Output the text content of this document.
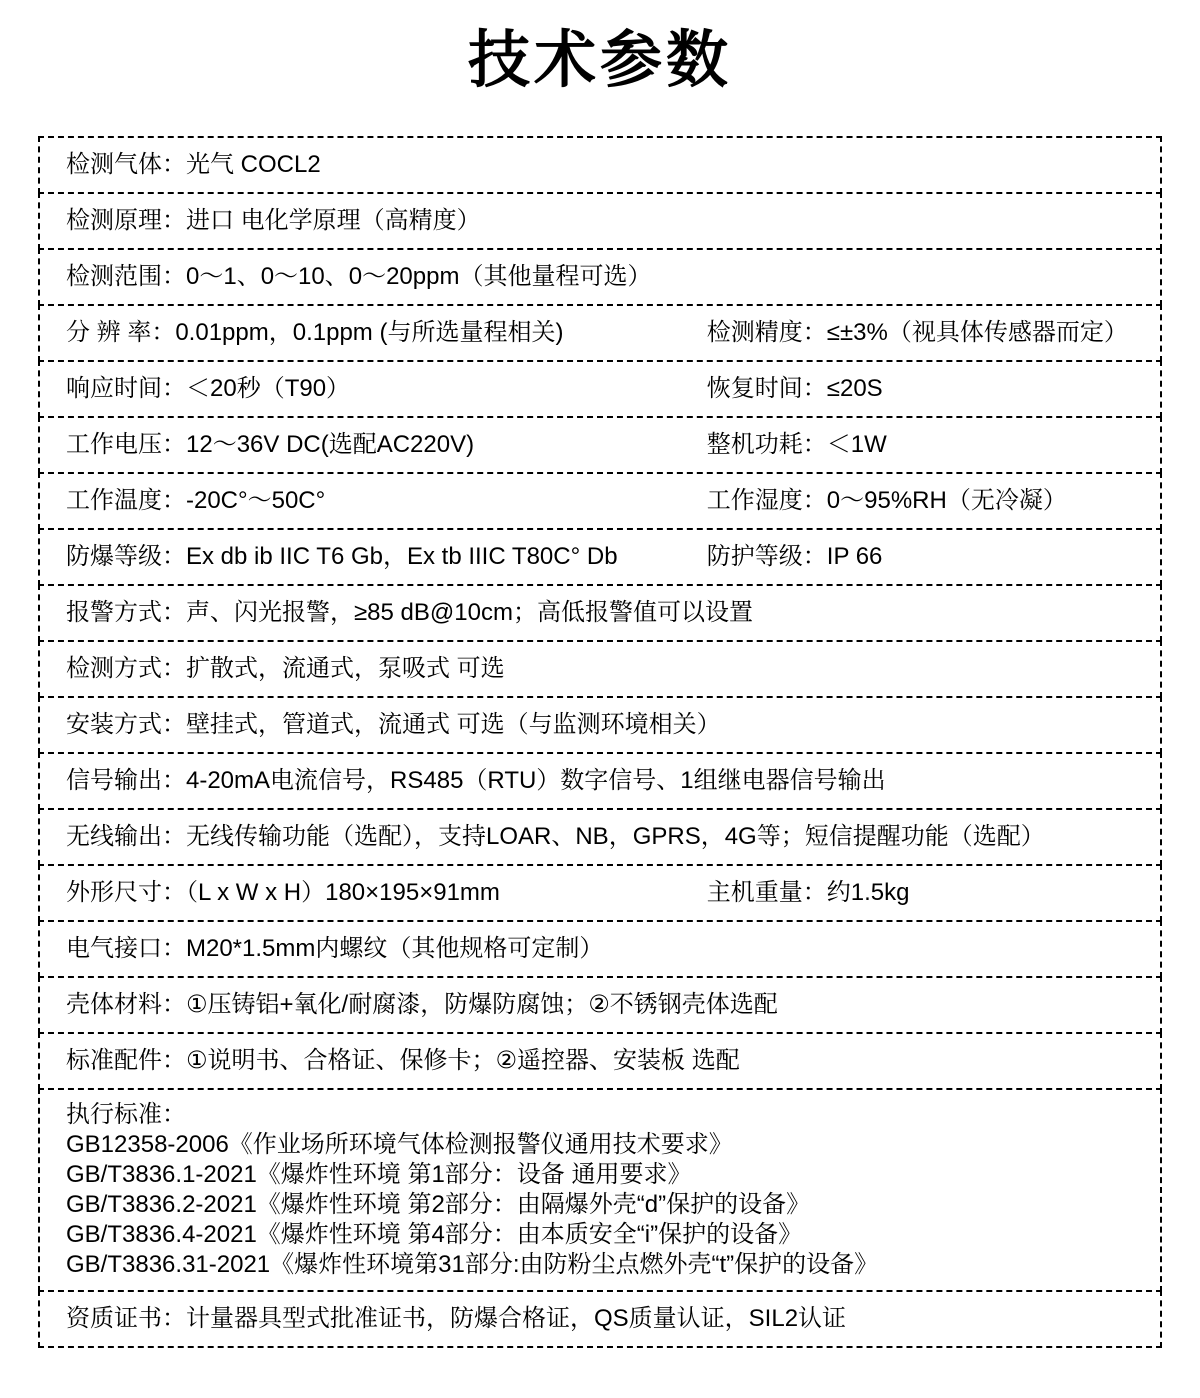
技术参数
检测气体：光气 COCL2
检测原理：进口 电化学原理（高精度）
检测范围：0～1、0～10、0～20ppm（其他量程可选）
分 辨 率：0.01ppm，0.1ppm (与所选量程相关)	检测精度：≤±3%（视具体传感器而定）
响应时间：＜20秒（T90）	恢复时间：≤20S
工作电压：12～36V DC(选配AC220V)	整机功耗：＜1W
工作温度：-20C°～50C°	工作湿度：0～95%RH（无冷凝）
防爆等级：Ex db ib IIC T6 Gb，Ex tb IIIC T80C° Db	防护等级：IP 66
报警方式：声、闪光报警，≥85 dB@10cm；高低报警值可以设置
检测方式：扩散式，流通式，泵吸式 可选
安装方式：壁挂式，管道式，流通式 可选（与监测环境相关）
信号输出：4-20mA电流信号，RS485（RTU）数字信号、1组继电器信号输出
无线输出：无线传输功能（选配），支持LOAR、NB，GPRS，4G等；短信提醒功能（选配）
外形尺寸：（L x W x H）180×195×91mm	主机重量：约1.5kg
电气接口：M20*1.5mm内螺纹（其他规格可定制）
壳体材料：①压铸铝+氧化/耐腐漆，防爆防腐蚀；②不锈钢壳体选配
标准配件：①说明书、合格证、保修卡；②遥控器、安装板 选配
执行标准：
GB12358-2006《作业场所环境气体检测报警仪通用技术要求》
GB/T3836.1-2021《爆炸性环境 第1部分：设备 通用要求》
GB/T3836.2-2021《爆炸性环境 第2部分：由隔爆外壳“d”保护的设备》
GB/T3836.4-2021《爆炸性环境 第4部分：由本质安全“i”保护的设备》
GB/T3836.31-2021《爆炸性环境第31部分:由防粉尘点燃外壳“t”保护的设备》
资质证书：计量器具型式批准证书，防爆合格证，QS质量认证，SIL2认证
